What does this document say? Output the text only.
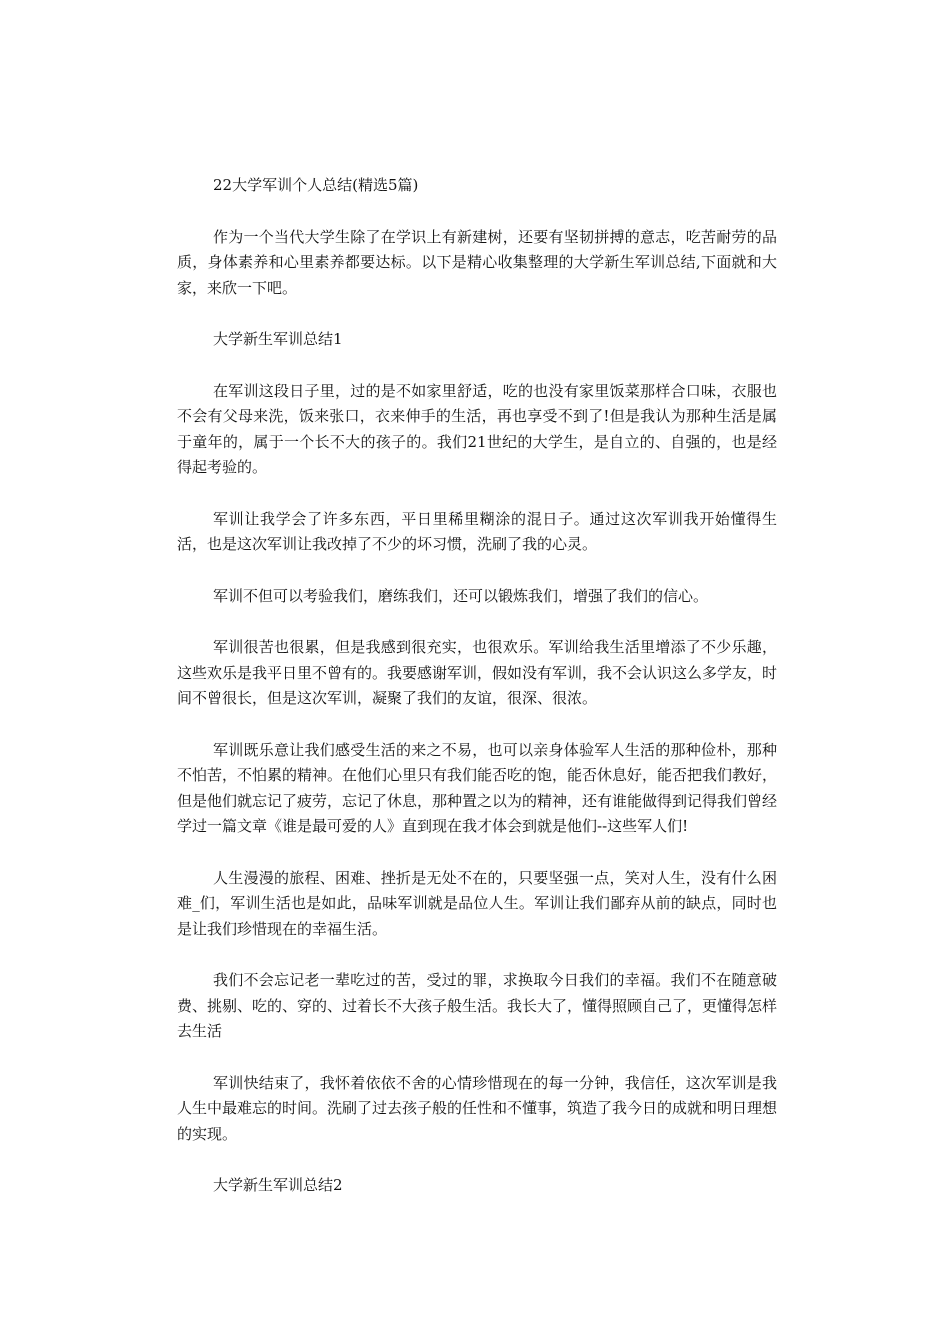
22大学军训个人总结(精选5篇)

作为一个当代大学生除了在学识上有新建树，还要有坚韧拼搏的意志，吃苦耐劳的品质，身体素养和心里素养都要达标。以下是精心收集整理的大学新生军训总结,下面就和大家，来欣一下吧。

大学新生军训总结1

在军训这段日子里，过的是不如家里舒适，吃的也没有家里饭菜那样合口味，衣服也不会有父母来洗，饭来张口，衣来伸手的生活，再也享受不到了!但是我认为那种生活是属于童年的，属于一个长不大的孩子的。我们21世纪的大学生，是自立的、自强的，也是经得起考验的。

军训让我学会了许多东西，平日里稀里糊涂的混日子。通过这次军训我开始懂得生活，也是这次军训让我改掉了不少的坏习惯，洗刷了我的心灵。

军训不但可以考验我们，磨练我们，还可以锻炼我们，增强了我们的信心。

军训很苦也很累，但是我感到很充实，也很欢乐。军训给我生活里增添了不少乐趣，这些欢乐是我平日里不曾有的。我要感谢军训，假如没有军训，我不会认识这么多学友，时间不曾很长，但是这次军训，凝聚了我们的友谊，很深、很浓。

军训既乐意让我们感受生活的来之不易，也可以亲身体验军人生活的那种俭朴，那种不怕苦，不怕累的精神。在他们心里只有我们能否吃的饱，能否休息好，能否把我们教好，但是他们就忘记了疲劳，忘记了休息，那种置之以为的精神，还有谁能做得到记得我们曾经学过一篇文章《谁是最可爱的人》直到现在我才体会到就是他们--这些军人们!

人生漫漫的旅程、困难、挫折是无处不在的，只要坚强一点，笑对人生，没有什么困难_们，军训生活也是如此，品味军训就是品位人生。军训让我们鄙弃从前的缺点，同时也是让我们珍惜现在的幸福生活。

我们不会忘记老一辈吃过的苦，受过的罪，求换取今日我们的幸福。我们不在随意破费、挑剔、吃的、穿的、过着长不大孩子般生活。我长大了，懂得照顾自己了，更懂得怎样去生活

军训快结束了，我怀着依依不舍的心情珍惜现在的每一分钟，我信任，这次军训是我人生中最难忘的时间。洗刷了过去孩子般的任性和不懂事，筑造了我今日的成就和明日理想的实现。

大学新生军训总结2
